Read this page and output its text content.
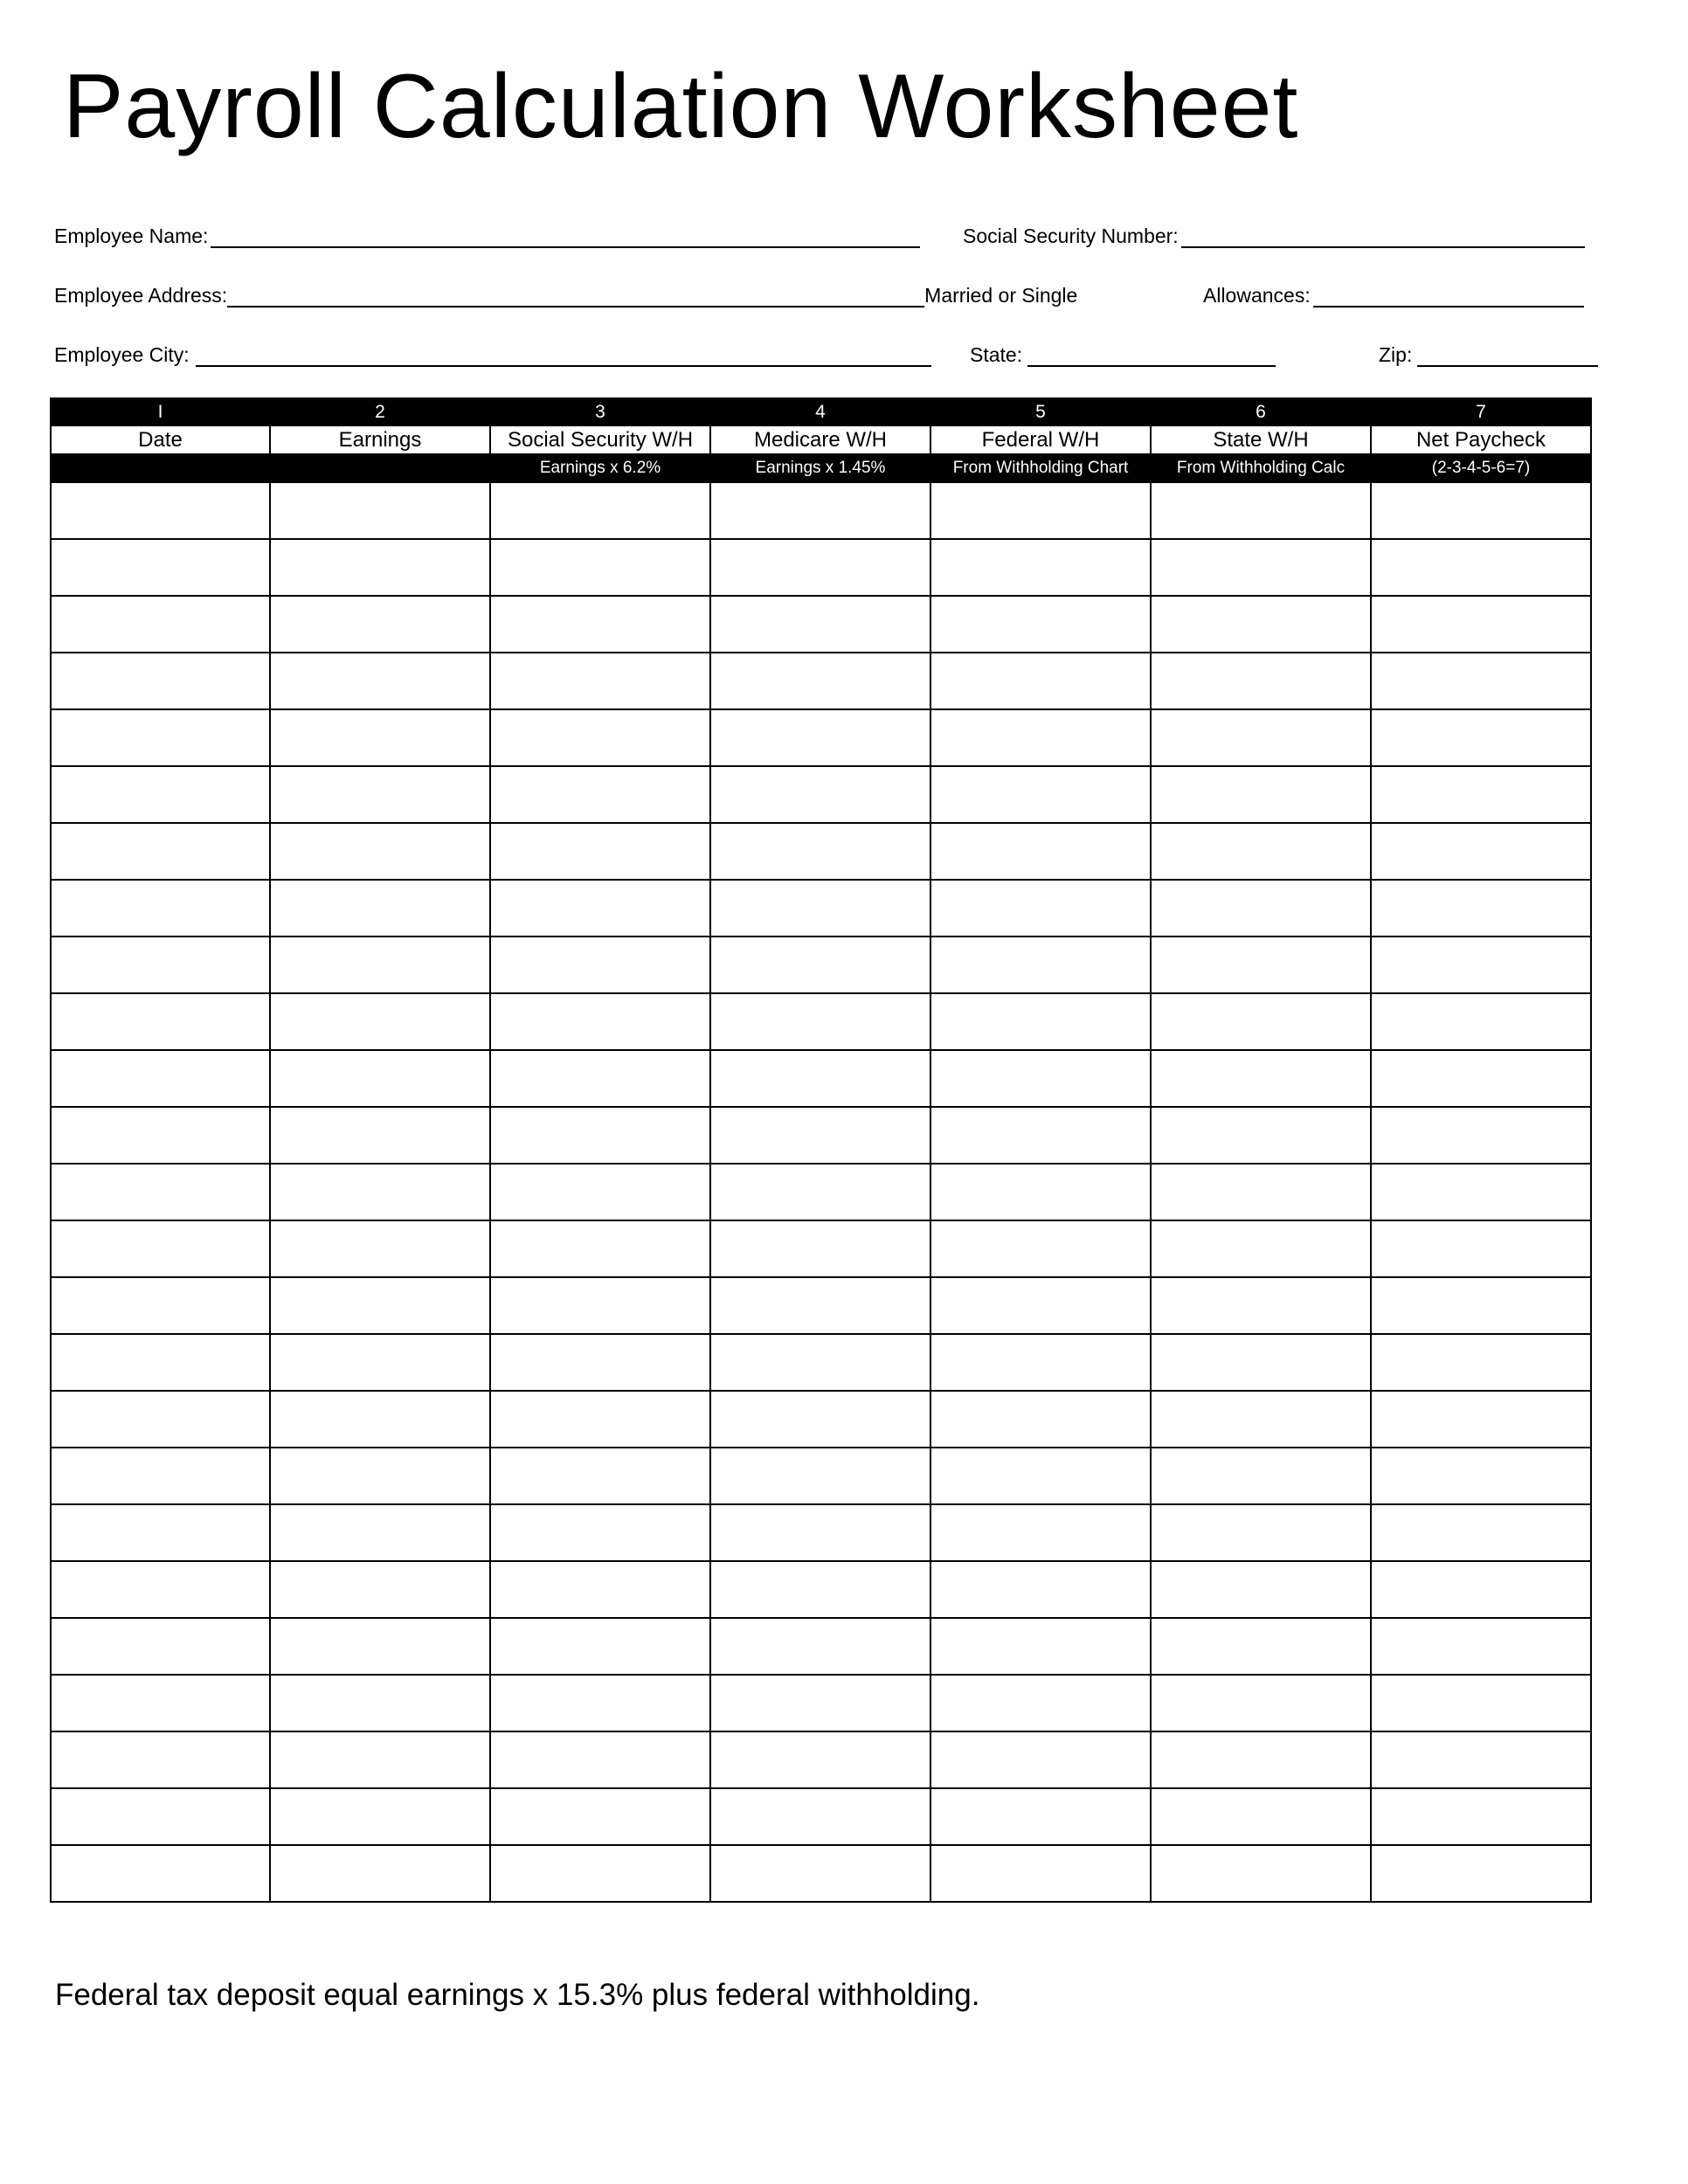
Payroll Calculation Worksheet
Employee Name:	Social Security Number:
Employee Address:	Married or Single	Allowances:
Employee City:	State:	Zip:
I	2	3	4	5	6	7
Date	Earnings	Social Security W/H	Medicare W/H	Federal W/H	State W/H	Net Paycheck
		Earnings x 6.2%	Earnings x 1.45%	From Withholding Chart	From Withholding Calc	(2-3-4-5-6=7)

Federal tax deposit equal earnings x 15.3% plus federal withholding.
